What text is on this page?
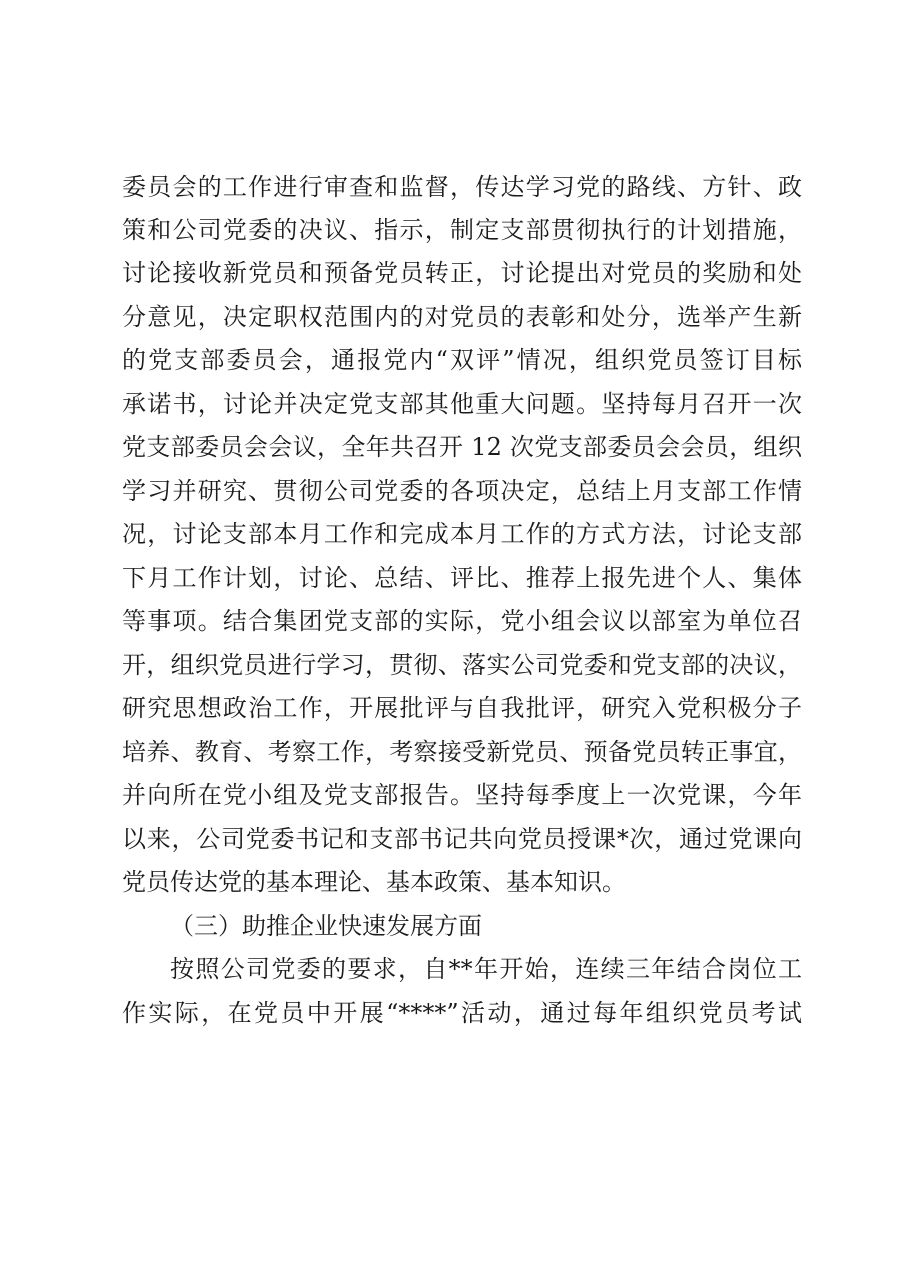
委员会的工作进行审查和监督，传达学习党的路线、方针、政
策和公司党委的决议、指示，制定支部贯彻执行的计划措施，
讨论接收新党员和预备党员转正，讨论提出对党员的奖励和处
分意见，决定职权范围内的对党员的表彰和处分，选举产生新
的党支部委员会，通报党内“双评”情况，组织党员签订目标
承诺书，讨论并决定党支部其他重大问题。坚持每月召开一次
党支部委员会会议，全年共召开 12 次党支部委员会会员，组织
学习并研究、贯彻公司党委的各项决定，总结上月支部工作情
况，讨论支部本月工作和完成本月工作的方式方法，讨论支部
下月工作计划，讨论、总结、评比、推荐上报先进个人、集体
等事项。结合集团党支部的实际，党小组会议以部室为单位召
开，组织党员进行学习，贯彻、落实公司党委和党支部的决议，
研究思想政治工作，开展批评与自我批评，研究入党积极分子
培养、教育、考察工作，考察接受新党员、预备党员转正事宜，
并向所在党小组及党支部报告。坚持每季度上一次党课，今年
以来，公司党委书记和支部书记共向党员授课*次，通过党课向
党员传达党的基本理论、基本政策、基本知识。
（三）助推企业快速发展方面
按照公司党委的要求，自**年开始，连续三年结合岗位工
作实际，在党员中开展“****”活动，通过每年组织党员考试
